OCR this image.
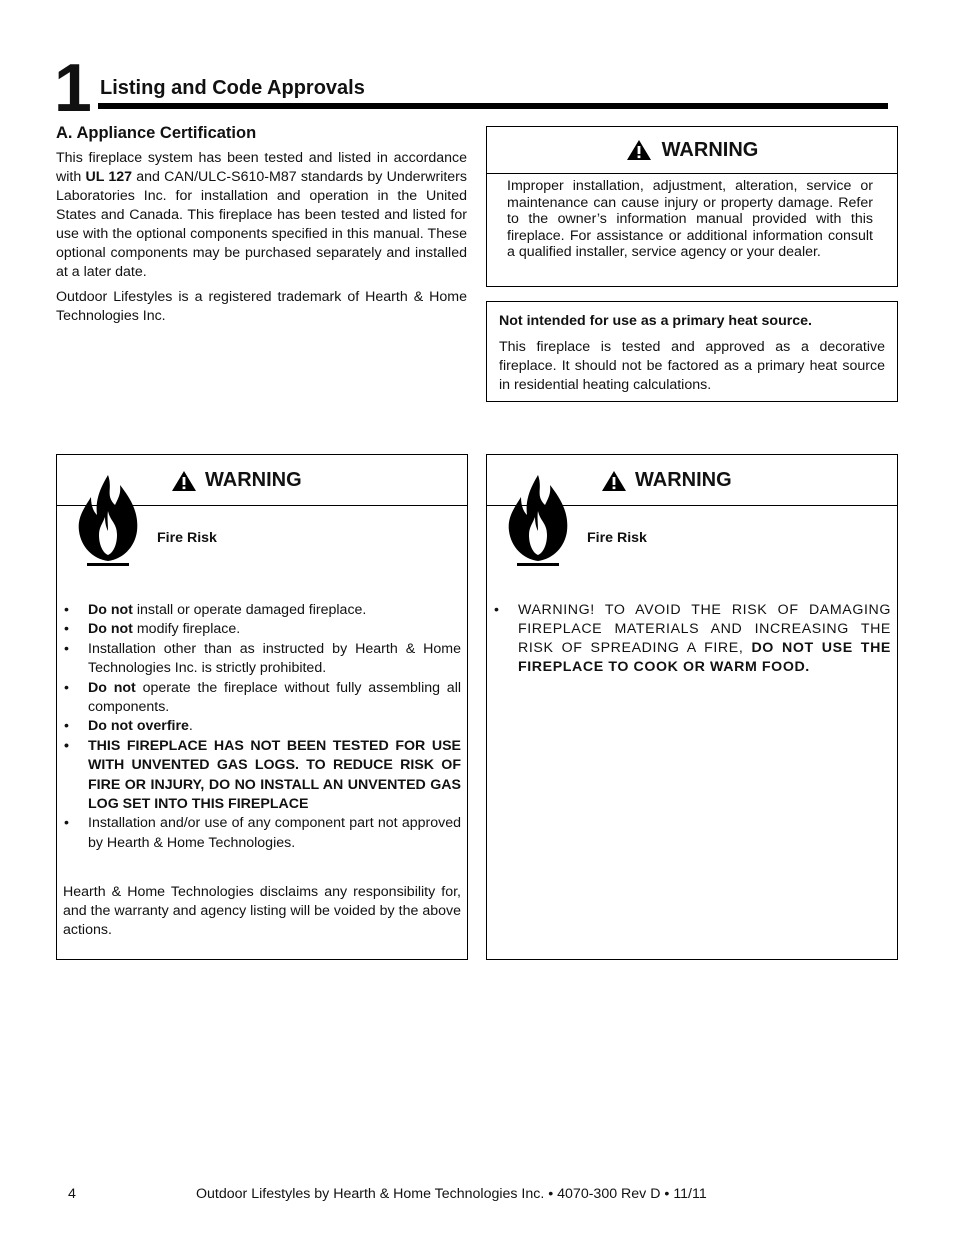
1 Listing and Code Approvals
A. Appliance Certification
This fireplace system has been tested and listed in accordance with UL 127 and CAN/ULC-S610-M87 standards by Underwriters Laboratories Inc. for installation and operation in the United States and Canada. This fireplace has been tested and listed for use with the optional components specified in this manual. These optional components may be purchased separately and installed at a later date.
Outdoor Lifestyles is a registered trademark of Hearth & Home Technologies Inc.
WARNING
Improper installation, adjustment, alteration, service or maintenance can cause injury or property damage. Refer to the owner’s information manual provided with this fireplace. For assistance or additional information consult a qualified installer, service agency or your dealer.
Not intended for use as a primary heat source.
This fireplace is tested and approved as a decorative fireplace. It should not be factored as a primary heat source in residential heating calculations.
WARNING
Fire Risk
• Do not install or operate damaged fireplace.
• Do not modify fireplace.
• Installation other than as instructed by Hearth & Home Technologies Inc. is strictly prohibited.
• Do not operate the fireplace without fully assembling all components.
• Do not overfire.
• THIS FIREPLACE HAS NOT BEEN TESTED FOR USE WITH UNVENTED GAS LOGS. TO REDUCE RISK OF FIRE OR INJURY, DO NO INSTALL AN UNVENTED GAS LOG SET INTO THIS FIREPLACE
• Installation and/or use of any component part not approved by Hearth & Home Technologies.
Hearth & Home Technologies disclaims any responsibility for, and the warranty and agency listing will be voided by the above actions.
WARNING
Fire Risk
• WARNING! TO AVOID THE RISK OF DAMAGING FIREPLACE MATERIALS AND INCREASING THE RISK OF SPREADING A FIRE, DO NOT USE THE FIREPLACE TO COOK OR WARM FOOD.
4	Outdoor Lifestyles by Hearth & Home Technologies Inc. • 4070-300 Rev D • 11/11
